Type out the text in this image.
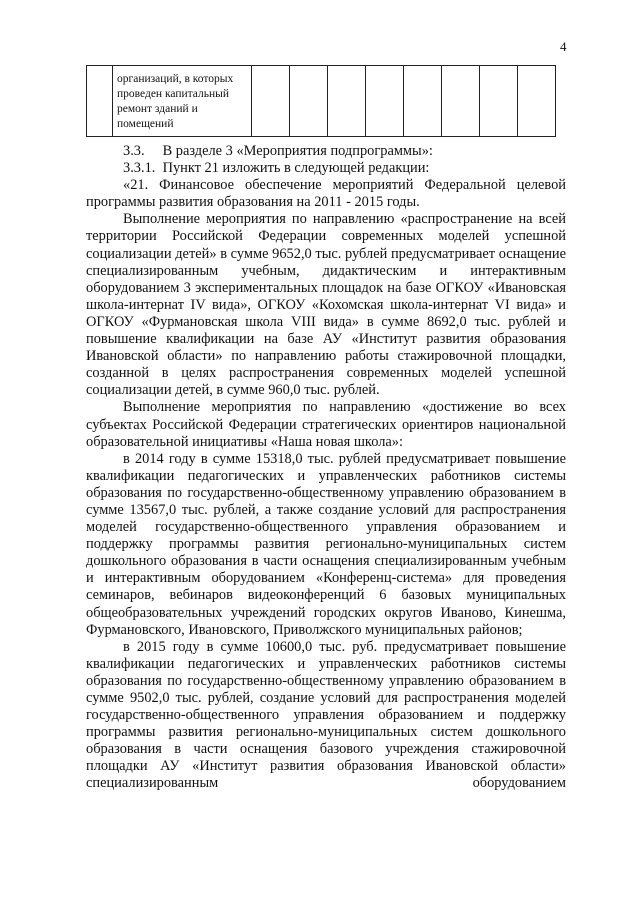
4
	организаций, в которых проведен капитальный ремонт зданий и помещений								

3.3.  В разделе 3 «Мероприятия подпрограммы»:

3.3.1.  Пункт 21 изложить в следующей редакции:

«21. Финансовое обеспечение мероприятий Федеральной целевой

программы развития образования на 2011 - 2015 годы.

Выполнение мероприятия по направлению «распространение на всей территории Российской Федерации современных моделей успешной социализации детей» в сумме 9652,0 тыс. рублей предусматривает оснащение специализированным учебным, дидактическим и интерактивным оборудованием 3 экспериментальных площадок на базе ОГКОУ «Ивановская школа-интернат IV вида», ОГКОУ «Кохомская школа-интернат VI вида» и ОГКОУ «Фурмановская школа VIII вида» в сумме 8692,0 тыс. рублей и повышение квалификации на базе АУ «Институт развития образования Ивановской области» по направлению работы стажировочной площадки, созданной в целях распространения современных моделей успешной социализации детей, в сумме 960,0 тыс. рублей.

Выполнение мероприятия по направлению «достижение во всех субъектах Российской Федерации стратегических ориентиров национальной образовательной инициативы «Наша новая школа»:

в 2014 году в сумме 15318,0 тыс. рублей предусматривает повышение квалификации педагогических и управленческих работников системы образования по государственно-общественному управлению образованием в сумме 13567,0 тыс. рублей, а также создание условий для распространения моделей государственно-общественного управления образованием и поддержку программы развития регионально-муниципальных систем дошкольного образования в части оснащения специализированным учебным и интерактивным оборудованием «Конференц-система» для проведения семинаров, вебинаров видеоконференций 6 базовых муниципальных общеобразовательных учреждений городских округов Иваново, Кинешма, Фурмановского, Ивановского, Приволжского муниципальных районов;

в 2015 году в сумме 10600,0 тыс. руб. предусматривает повышение квалификации педагогических и управленческих работников системы образования по государственно-общественному управлению образованием в сумме 9502,0 тыс. рублей, создание условий для распространения моделей государственно-общественного управления образованием и поддержку программы развития регионально-муниципальных систем дошкольного образования в части оснащения базового учреждения стажировочной площадки АУ «Институт развития образования Ивановской области» специализированным оборудованием
